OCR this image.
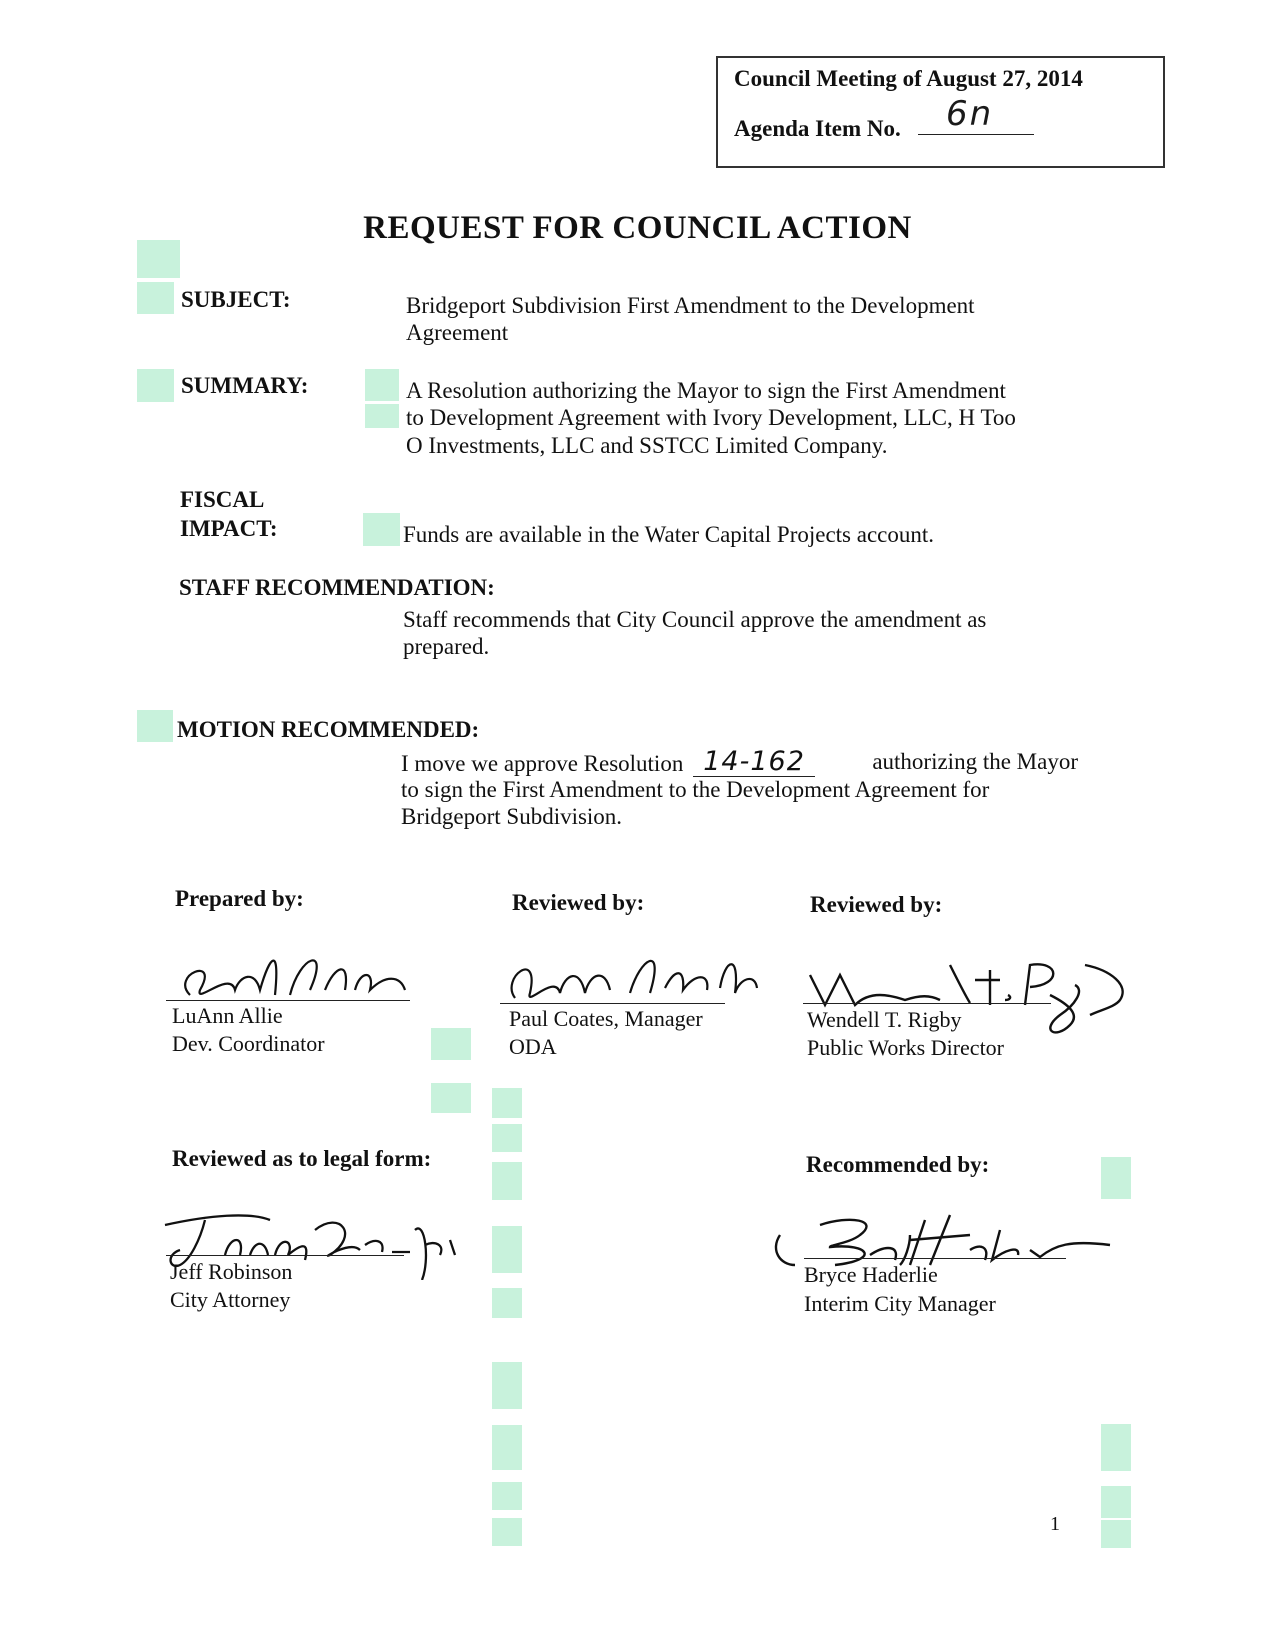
Council Meeting of August 27, 2014
Agenda Item No. 6n
REQUEST FOR COUNCIL ACTION
SUBJECT:	Bridgeport Subdivision First Amendment to the Development
Agreement
SUMMARY:	A Resolution authorizing the Mayor to sign the First Amendment
to Development Agreement with Ivory Development, LLC, H Too
O Investments, LLC and SSTCC Limited Company.
FISCAL
IMPACT:	Funds are available in the Water Capital Projects account.
STAFF RECOMMENDATION:
Staff recommends that City Council approve the amendment as
prepared.
MOTION RECOMMENDED:
I move we approve Resolution 14-162	authorizing the Mayor
to sign the First Amendment to the Development Agreement for
Bridgeport Subdivision.
Prepared by:	Reviewed by:	Reviewed by:
LuAnn Allie
Dev. Coordinator
Paul Coates, Manager
ODA
Wendell T. Rigby
Public Works Director
Reviewed as to legal form:	Recommended by:
Jeff Robinson
City Attorney
Bryce Haderlie
Interim City Manager
1
